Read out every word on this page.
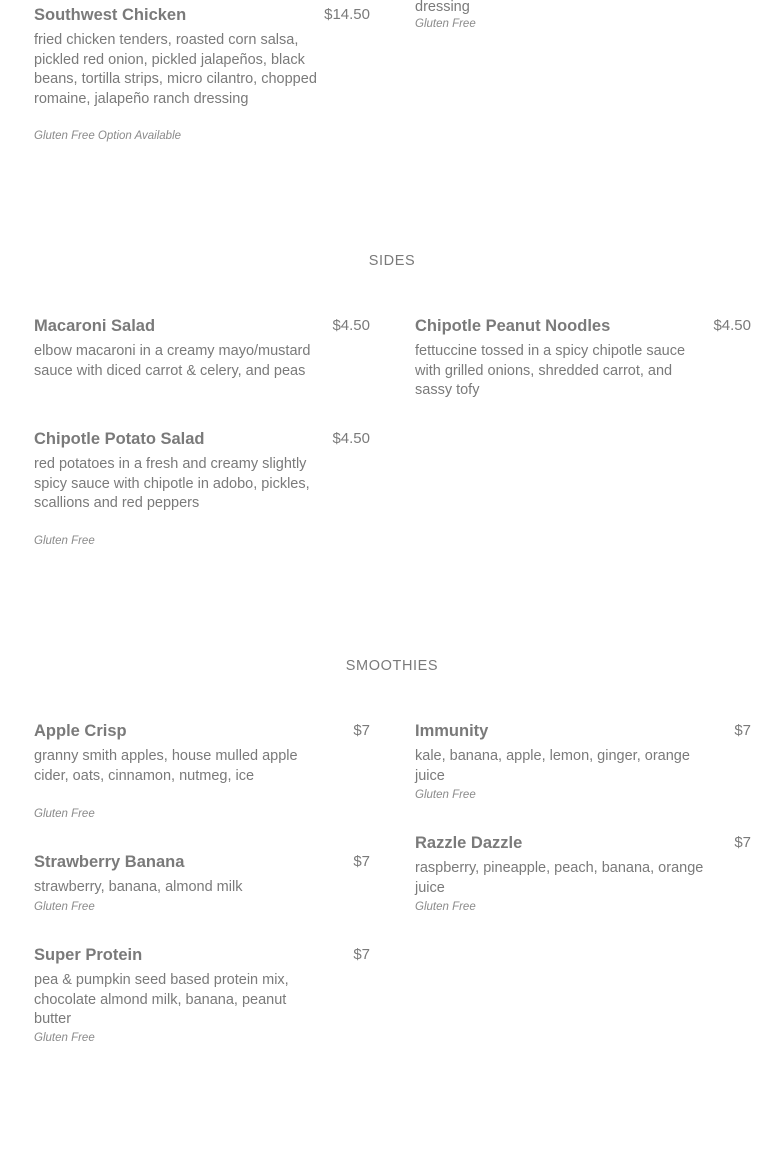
Southwest Chicken	$14.50
fried chicken tenders, roasted corn salsa, pickled red onion, pickled jalapeños, black beans, tortilla strips, micro cilantro, chopped romaine, jalapeño ranch dressing
Gluten Free Option Available
dressing
Gluten Free
SIDES
Macaroni Salad	$4.50
elbow macaroni in a creamy mayo/mustard sauce with diced carrot & celery, and peas
Chipotle Peanut Noodles	$4.50
fettuccine tossed in a spicy chipotle sauce with grilled onions, shredded carrot, and sassy tofy
Chipotle Potato Salad	$4.50
red potatoes in a fresh and creamy slightly spicy sauce with chipotle in adobo, pickles, scallions and red peppers
Gluten Free
SMOOTHIES
Apple Crisp	$7
granny smith apples, house mulled apple cider, oats, cinnamon, nutmeg, ice
Gluten Free
Immunity	$7
kale, banana, apple, lemon, ginger, orange juice
Gluten Free
Strawberry Banana	$7
strawberry, banana, almond milk
Gluten Free
Razzle Dazzle	$7
raspberry, pineapple, peach, banana, orange juice
Gluten Free
Super Protein	$7
pea & pumpkin seed based protein mix, chocolate almond milk, banana, peanut butter
Gluten Free
